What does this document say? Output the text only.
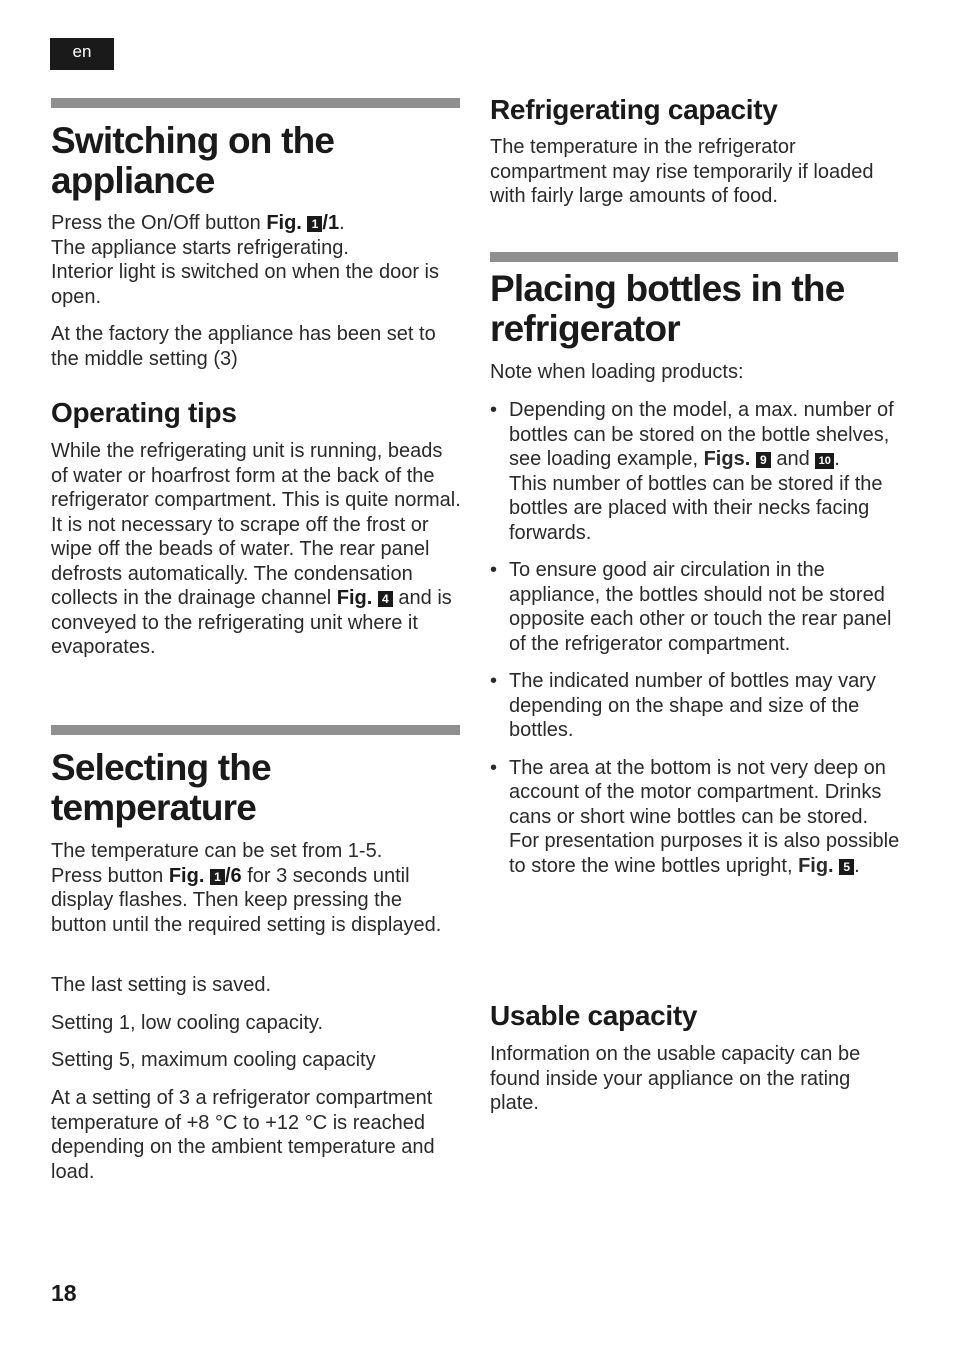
en
Switching on the appliance

Press the On/Off button Fig. 1 /1.
The appliance starts refrigerating.
Interior light is switched on when the door is open.

At the factory the appliance has been set to the middle setting (3)

Operating tips

While the refrigerating unit is running, beads of water or hoarfrost form at the back of the refrigerator compartment. This is quite normal. It is not necessary to scrape off the frost or wipe off the beads of water. The rear panel defrosts automatically. The condensation collects in the drainage channel Fig. 4 and is conveyed to the refrigerating unit where it evaporates.

Selecting the temperature

The temperature can be set from 1-5.
Press button Fig. 1 /6 for 3 seconds until display flashes. Then keep pressing the button until the required setting is displayed.

The last setting is saved.

Setting 1, low cooling capacity.

Setting 5, maximum cooling capacity

At a setting of 3 a refrigerator compartment temperature of +8 °C to +12 °C is reached depending on the ambient temperature and load.

Refrigerating capacity

The temperature in the refrigerator compartment may rise temporarily if loaded with fairly large amounts of food.

Placing bottles in the refrigerator

Note when loading products:

• Depending on the model, a max. number of bottles can be stored on the bottle shelves, see loading example, Figs. 9 and 10 .
This number of bottles can be stored if the bottles are placed with their necks facing forwards.
• To ensure good air circulation in the appliance, the bottles should not be stored opposite each other or touch the rear panel of the refrigerator compartment.
• The indicated number of bottles may vary depending on the shape and size of the bottles.
• The area at the bottom is not very deep on account of the motor compartment. Drinks cans or short wine bottles can be stored.
For presentation purposes it is also possible to store the wine bottles upright, Fig. 5 .
Usable capacity

Information on the usable capacity can be found inside your appliance on the rating plate.

18
